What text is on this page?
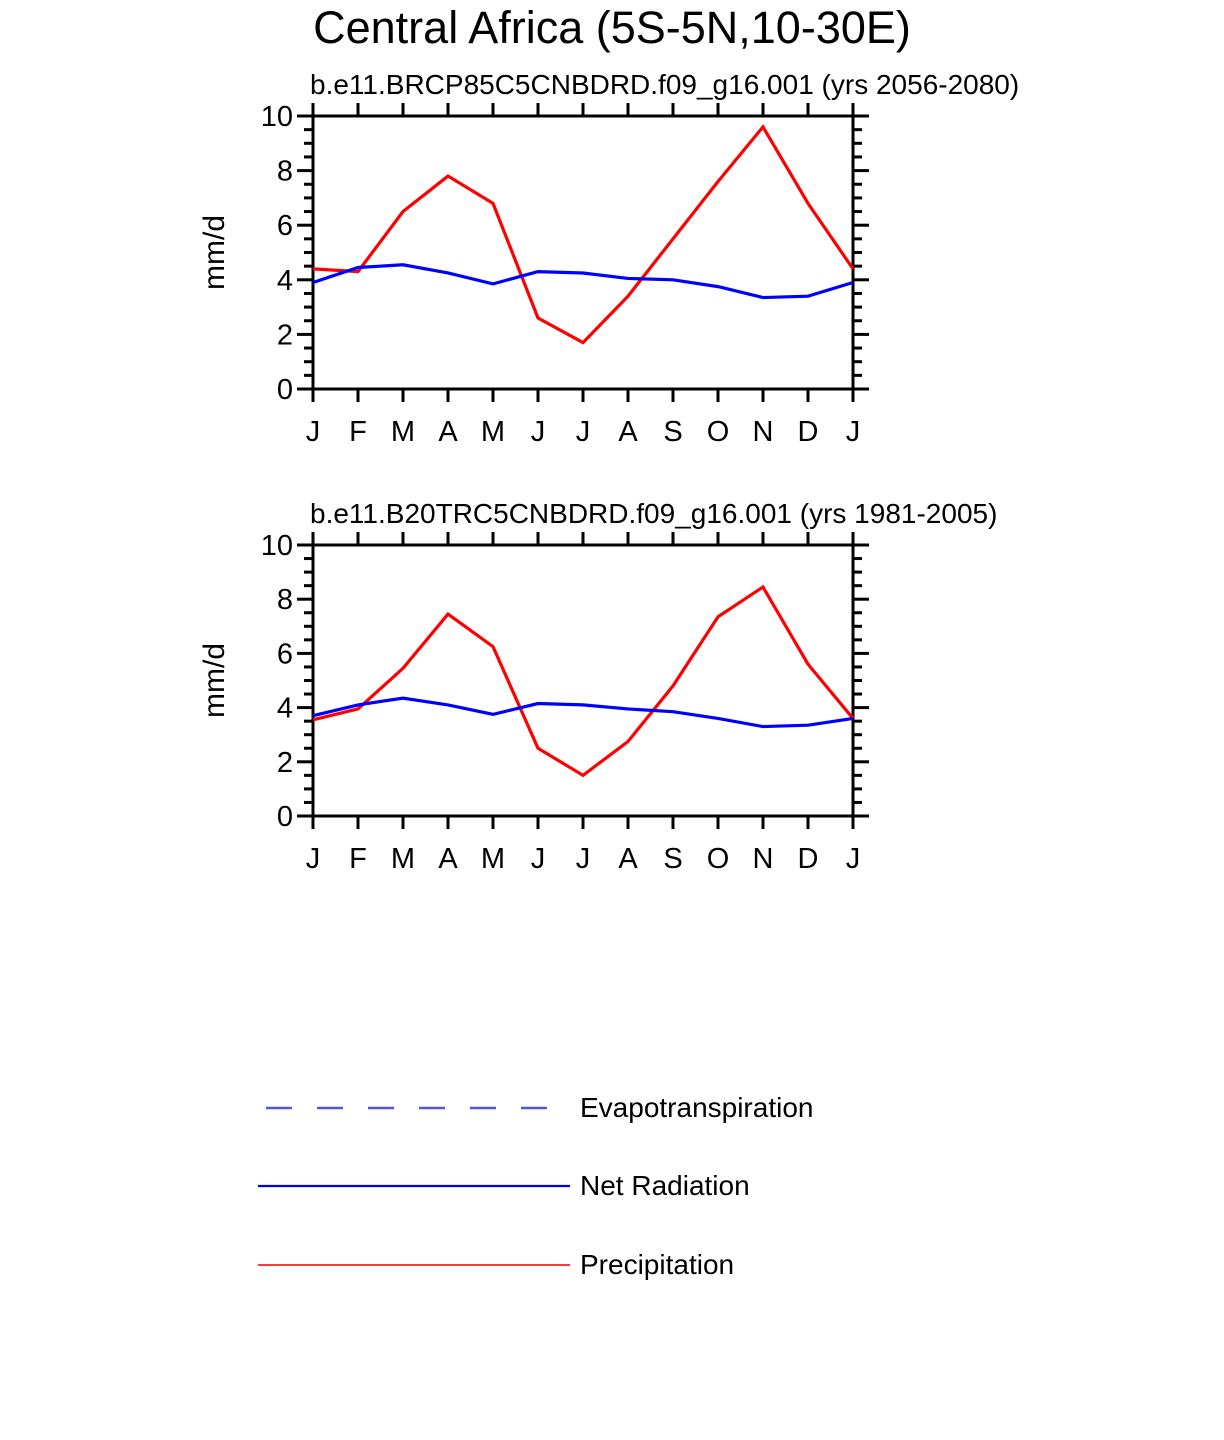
Central Africa (5S-5N,10-30E)
b.e11.BRCP85C5CNBDRD.f09_g16.001 (yrs 2056-2080)
b.e11.B20TRC5CNBDRD.f09_g16.001 (yrs 1981-2005)
0
2
4
6
8
10
J F M A M J J A S O N D J
mm/d
0
2
4
6
8
10
J F M A M J J A S O N D J
mm/d
Evapotranspiration
Net Radiation
Precipitation
